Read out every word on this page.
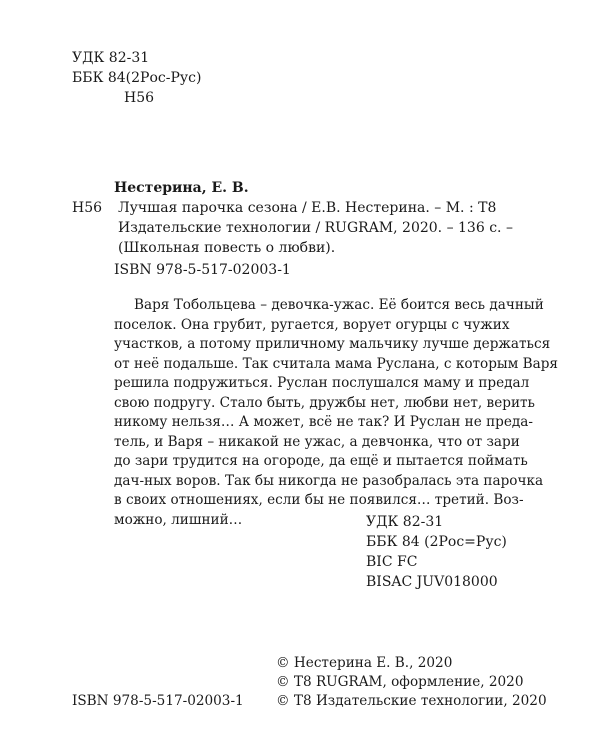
УДК 82-31
ББК 84(2Рос-Рус)
Н56
Нестерина, Е. В.
Н56	Лучшая парочка сезона / Е.В. Нестерина. – М. : Т8
Издательские технологии / RUGRAM, 2020. – 136 с. –
(Школьная повесть о любви).
ISBN 978-5-517-02003-1
Варя Тобольцева – девочка-ужас. Её боится весь дачный
поселок. Она грубит, ругается, ворует огурцы с чужих
участков, а потому приличному мальчику лучше держаться
от неё подальше. Так считала мама Руслана, с которым Варя
решила подружиться. Руслан послушался маму и предал
свою подругу. Стало быть, дружбы нет, любви нет, верить
никому нельзя… А может, всё не так? И Руслан не преда-
тель, и Варя – никакой не ужас, а девчонка, что от зари
до зари трудится на огороде, да ещё и пытается поймать
дач-ных воров. Так бы никогда не разобралась эта парочка
в своих отношениях, если бы не появился… третий. Воз-
можно, лишний…	УДК 82-31
ББК 84 (2Рос=Рус)
BIC FC
BISAC JUV018000
© Нестерина Е. В., 2020
© Т8 RUGRAM, оформление, 2020
© Т8 Издательские технологии, 2020
ISBN 978-5-517-02003-1
